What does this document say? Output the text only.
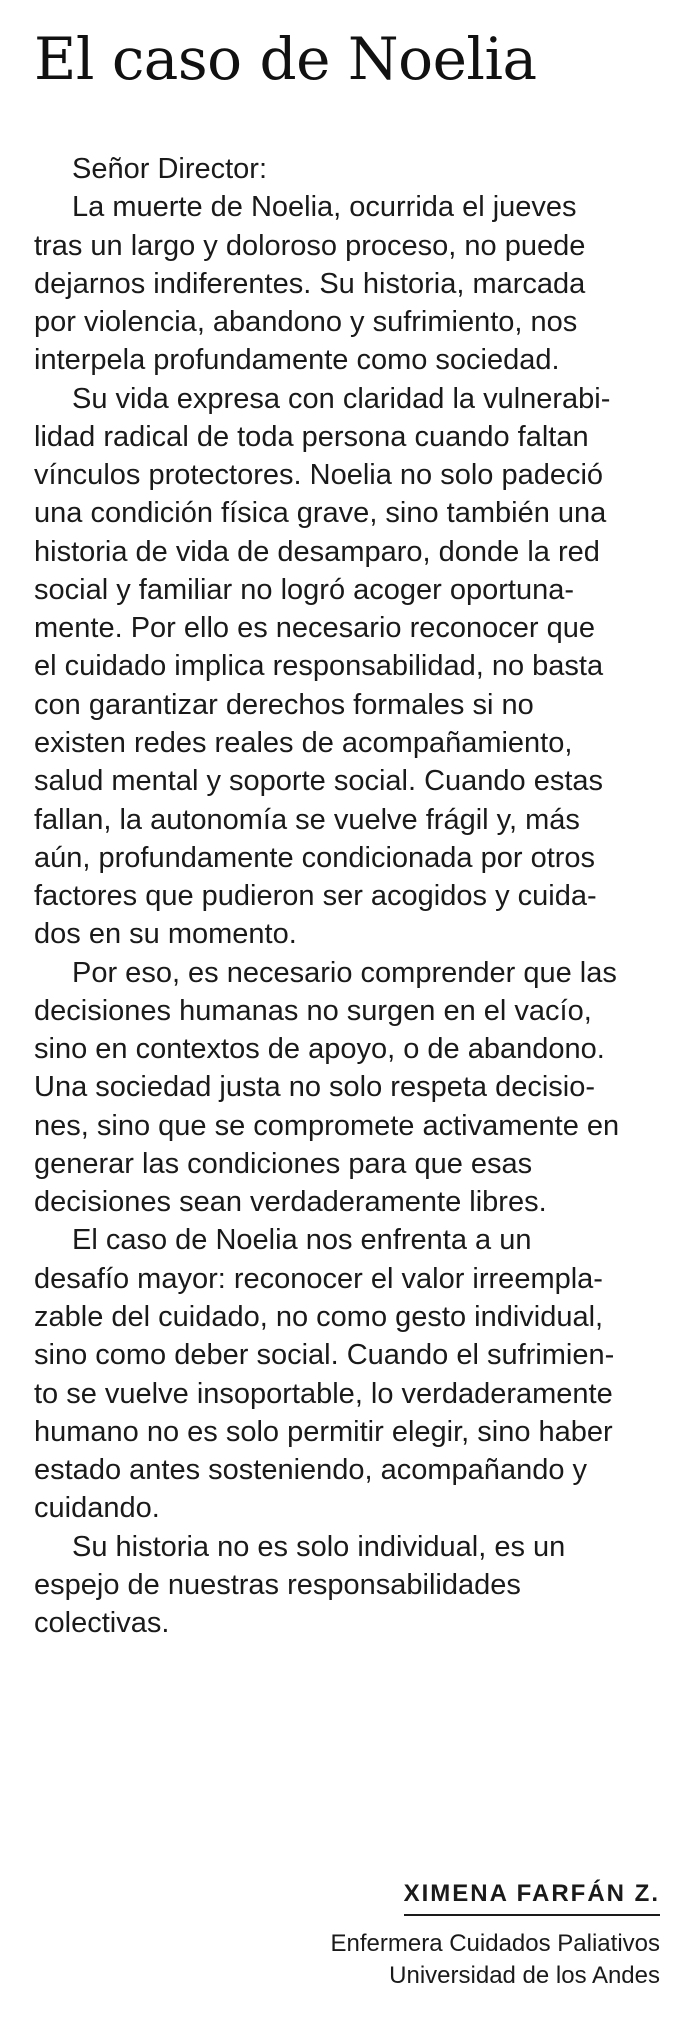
El caso de Noelia
Señor Director:
La muerte de Noelia, ocurrida el jueves
tras un largo y doloroso proceso, no puede
dejarnos indiferentes. Su historia, marcada
por violencia, abandono y sufrimiento, nos
interpela profundamente como sociedad.
Su vida expresa con claridad la vulnerabi-
lidad radical de toda persona cuando faltan
vínculos protectores. Noelia no solo padeció
una condición física grave, sino también una
historia de vida de desamparo, donde la red
social y familiar no logró acoger oportuna-
mente. Por ello es necesario reconocer que
el cuidado implica responsabilidad, no basta
con garantizar derechos formales si no
existen redes reales de acompañamiento,
salud mental y soporte social. Cuando estas
fallan, la autonomía se vuelve frágil y, más
aún, profundamente condicionada por otros
factores que pudieron ser acogidos y cuida-
dos en su momento.
Por eso, es necesario comprender que las
decisiones humanas no surgen en el vacío,
sino en contextos de apoyo, o de abandono.
Una sociedad justa no solo respeta decisio-
nes, sino que se compromete activamente en
generar las condiciones para que esas
decisiones sean verdaderamente libres.
El caso de Noelia nos enfrenta a un
desafío mayor: reconocer el valor irreempla-
zable del cuidado, no como gesto individual,
sino como deber social. Cuando el sufrimien-
to se vuelve insoportable, lo verdaderamente
humano no es solo permitir elegir, sino haber
estado antes sosteniendo, acompañando y
cuidando.
Su historia no es solo individual, es un
espejo de nuestras responsabilidades
colectivas.
XIMENA FARFÁN Z.
Enfermera Cuidados Paliativos
Universidad de los Andes
